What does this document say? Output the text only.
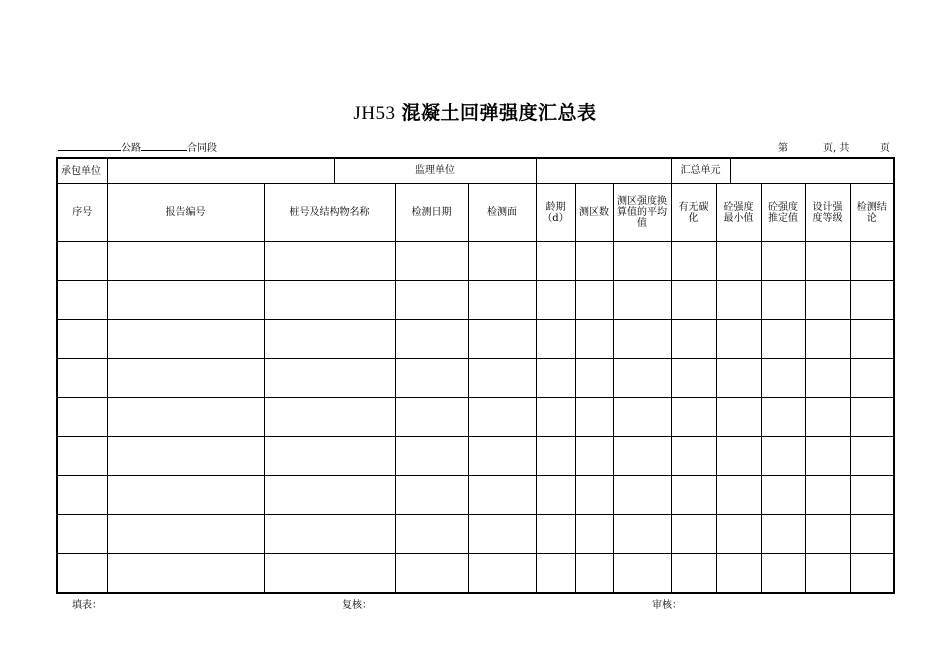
JH53 混凝土回弹强度汇总表
公路	合同段	第	页, 共	页
承包单位	监理单位							汇总单元				

序号	报告编号	桩号及结构物名称	检测日期	检测面	龄期（d）	测区数	测区强度换算值的平均值	有无碳化	砼强度最小值	砼强度推定值	设计强度等级	检测结论

填表：	复核：	审核：
